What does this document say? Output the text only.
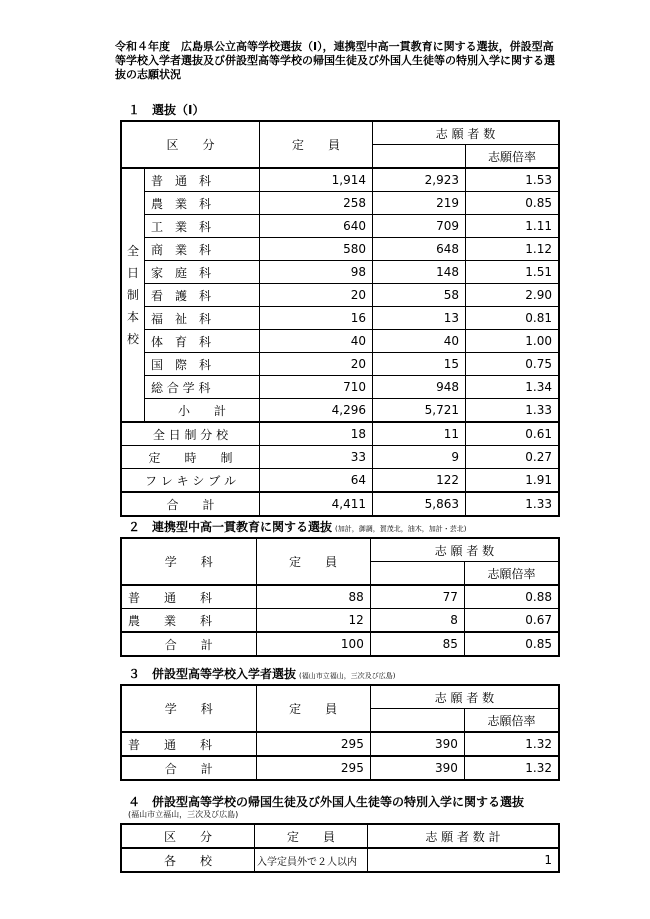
令和４年度　広島県公立高等学校選抜（Ⅰ），連携型中高一貫教育に関する選抜，併設型高等学校入学者選抜及び併設型高等学校の帰国生徒及び外国人生徒等の特別入学に関する選抜の志願状況
１　選抜（Ⅰ）
区　　分		定　　員	志 願 者 数	
				志願倍率

全
日
制
本
校	普　通　科	1,914	2,923	1.53
	農　業　科	258	219	0.85
	工　業　科	640	709	1.11
	商　業　科	580	648	1.12
	家　庭　科	98	148	1.51
	看　護　科	20	58	2.90
	福　祉　科	16	13	0.81
	体　育　科	40	40	1.00
	国　際　科	20	15	0.75
	総 合 学 科	710	948	1.34
	小　　計	4,296	5,721	1.33
全 日 制 分 校		18	11	0.61
定　　時　　制		33	9	0.27
フ レ キ シ ブ ル		64	122	1.91
合　　計		4,411	5,863	1.33
２　連携型中高一貫教育に関する選抜 (加計，御調，賀茂北，油木，加計・芸北)
学　　科	定　　員	志 願 者 数	
			志願倍率
普　　通　　科	88	77	0.88
農　　業　　科	12	8	0.67
合　　計	100	85	0.85
３　併設型高等学校入学者選抜 (福山市立福山，三次及び広島)
学　　科	定　　員	志 願 者 数	
			志願倍率
普　　通　　科	295	390	1.32
合　　計	295	390	1.32
４　併設型高等学校の帰国生徒及び外国人生徒等の特別入学に関する選抜
(福山市立福山，三次及び広島)
区　　分	定　　員	志 願 者 数 計
各　　校	入学定員外で２人以内	1
